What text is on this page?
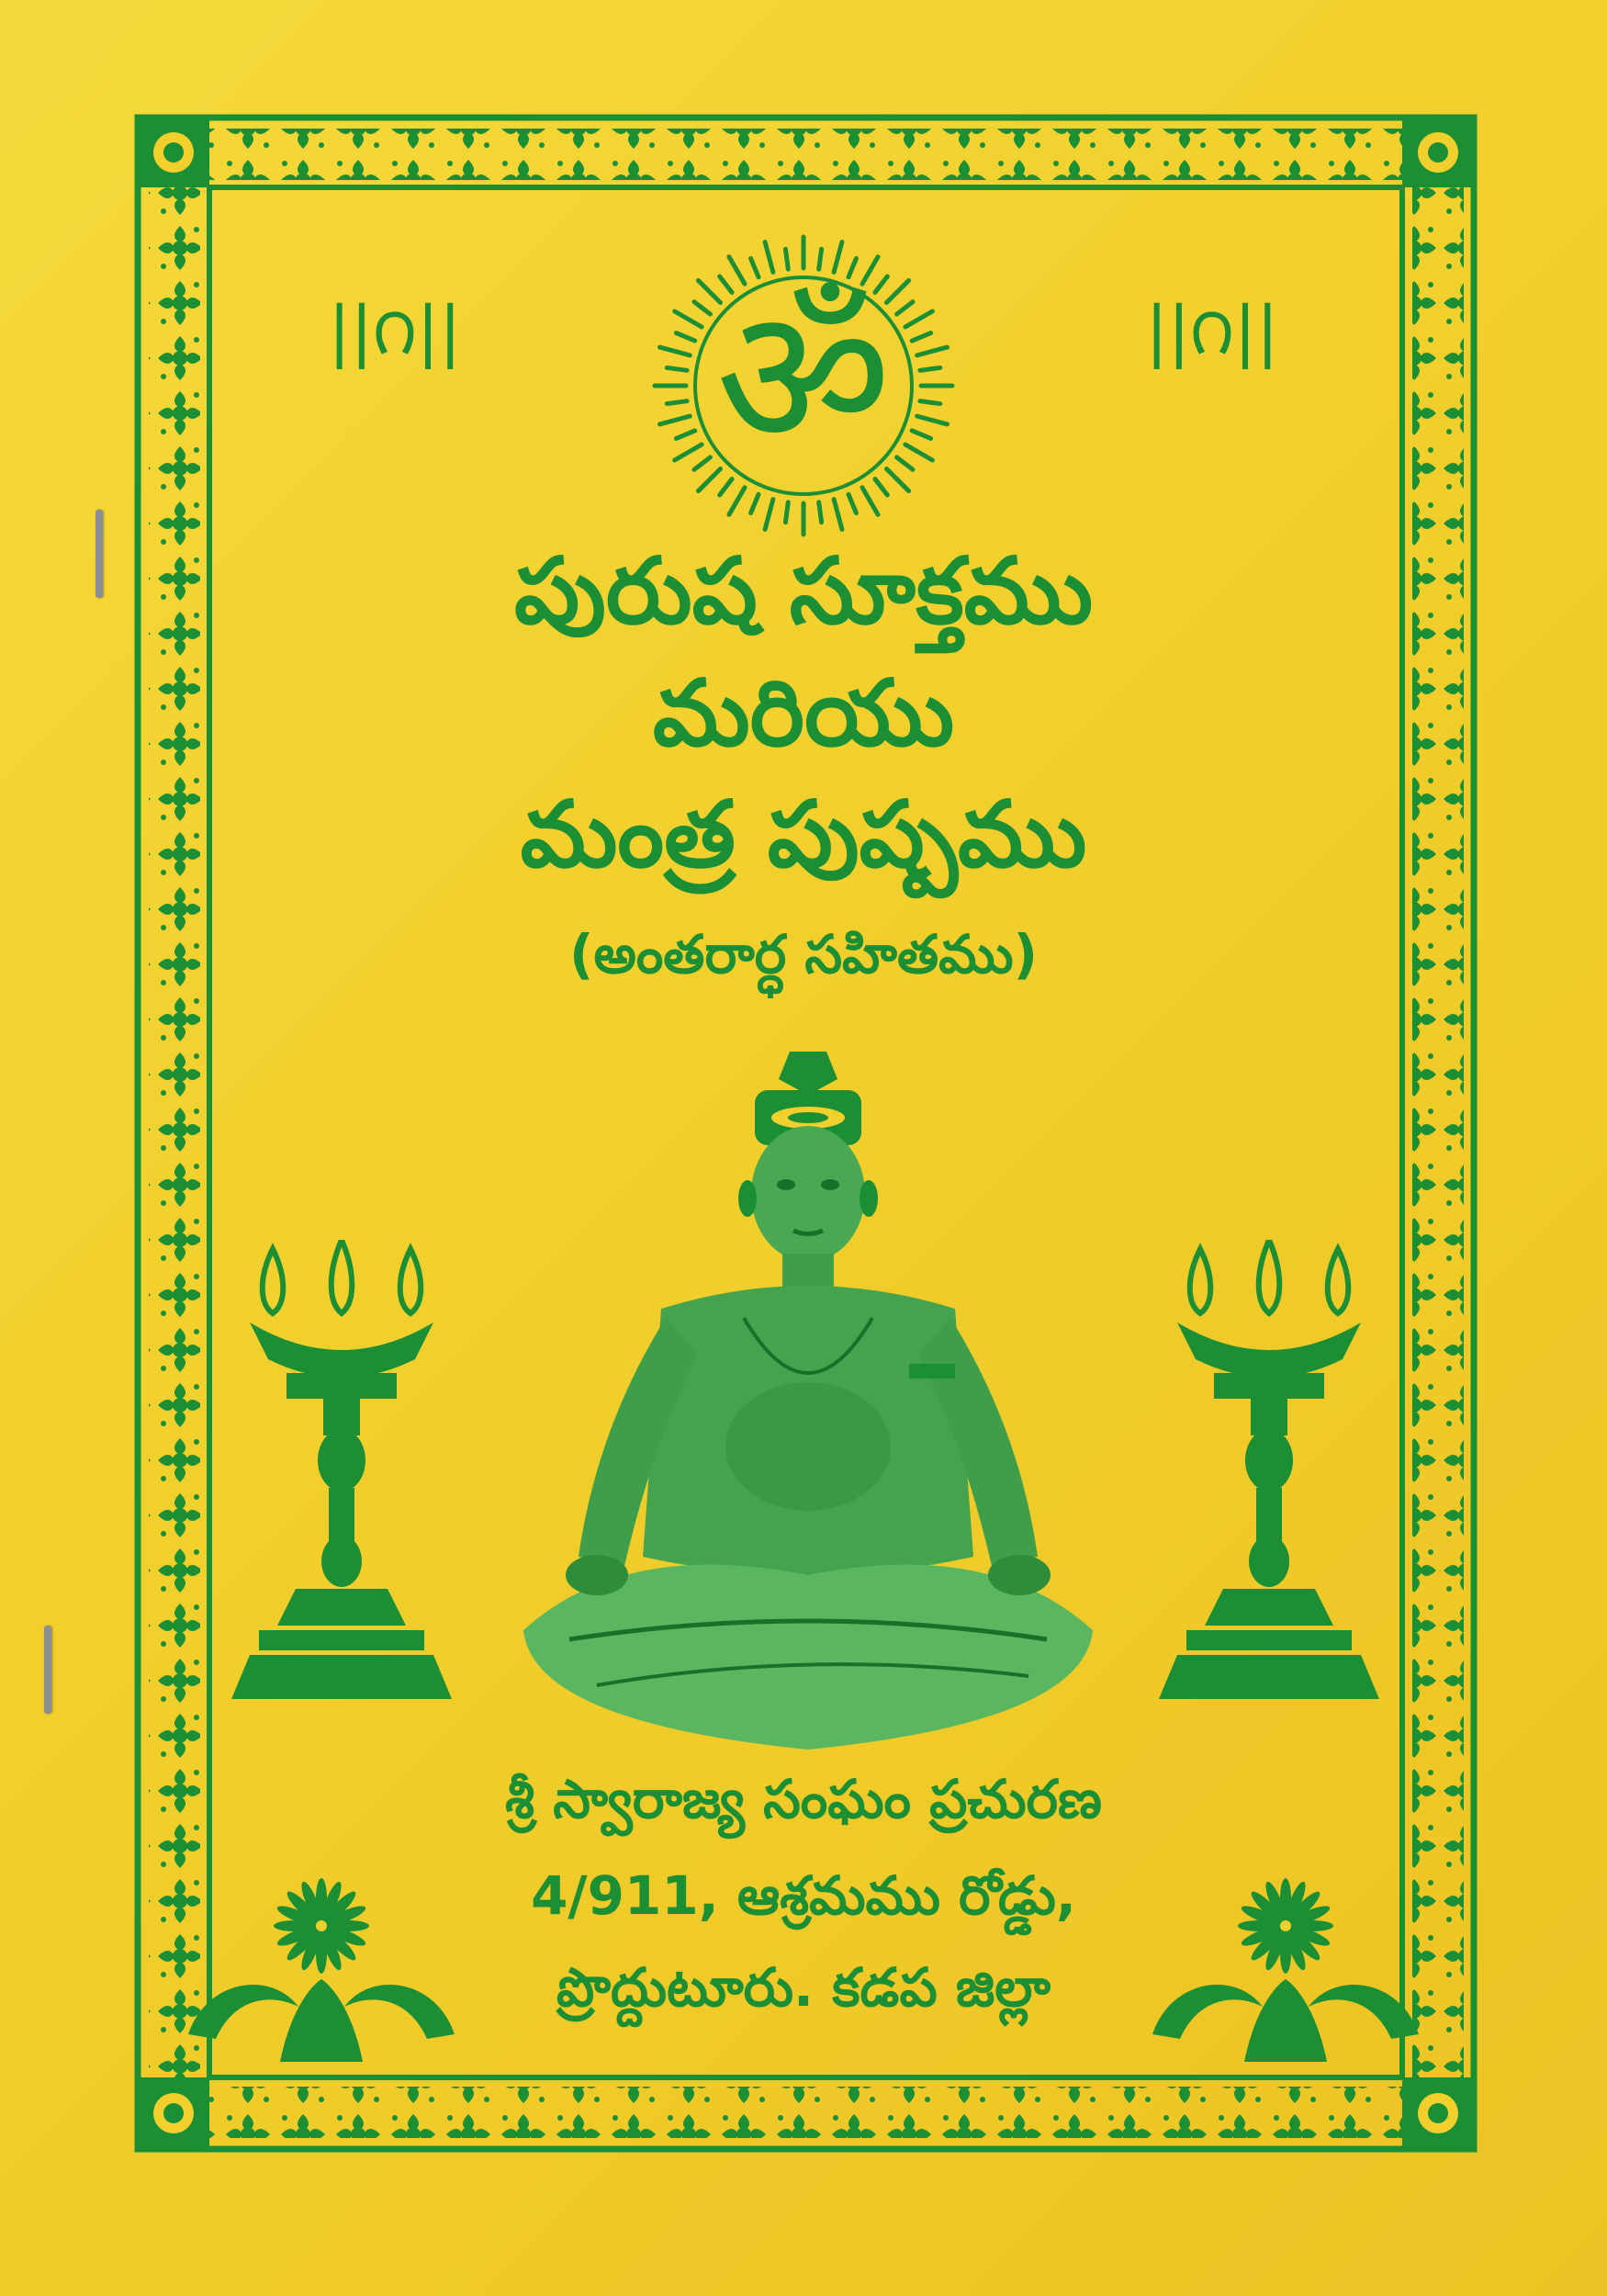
||౧||	||౧||
ॐ
పురుష సూక్తము
మరియు
మంత్ర పుష్పము
(అంతరార్ధ సహితము)
శ్రీ స్వారాజ్య సంఘం ప్రచురణ
4/911, ఆశ్రమము రోడ్డు,
ప్రొద్దుటూరు. కడప జిల్లా
